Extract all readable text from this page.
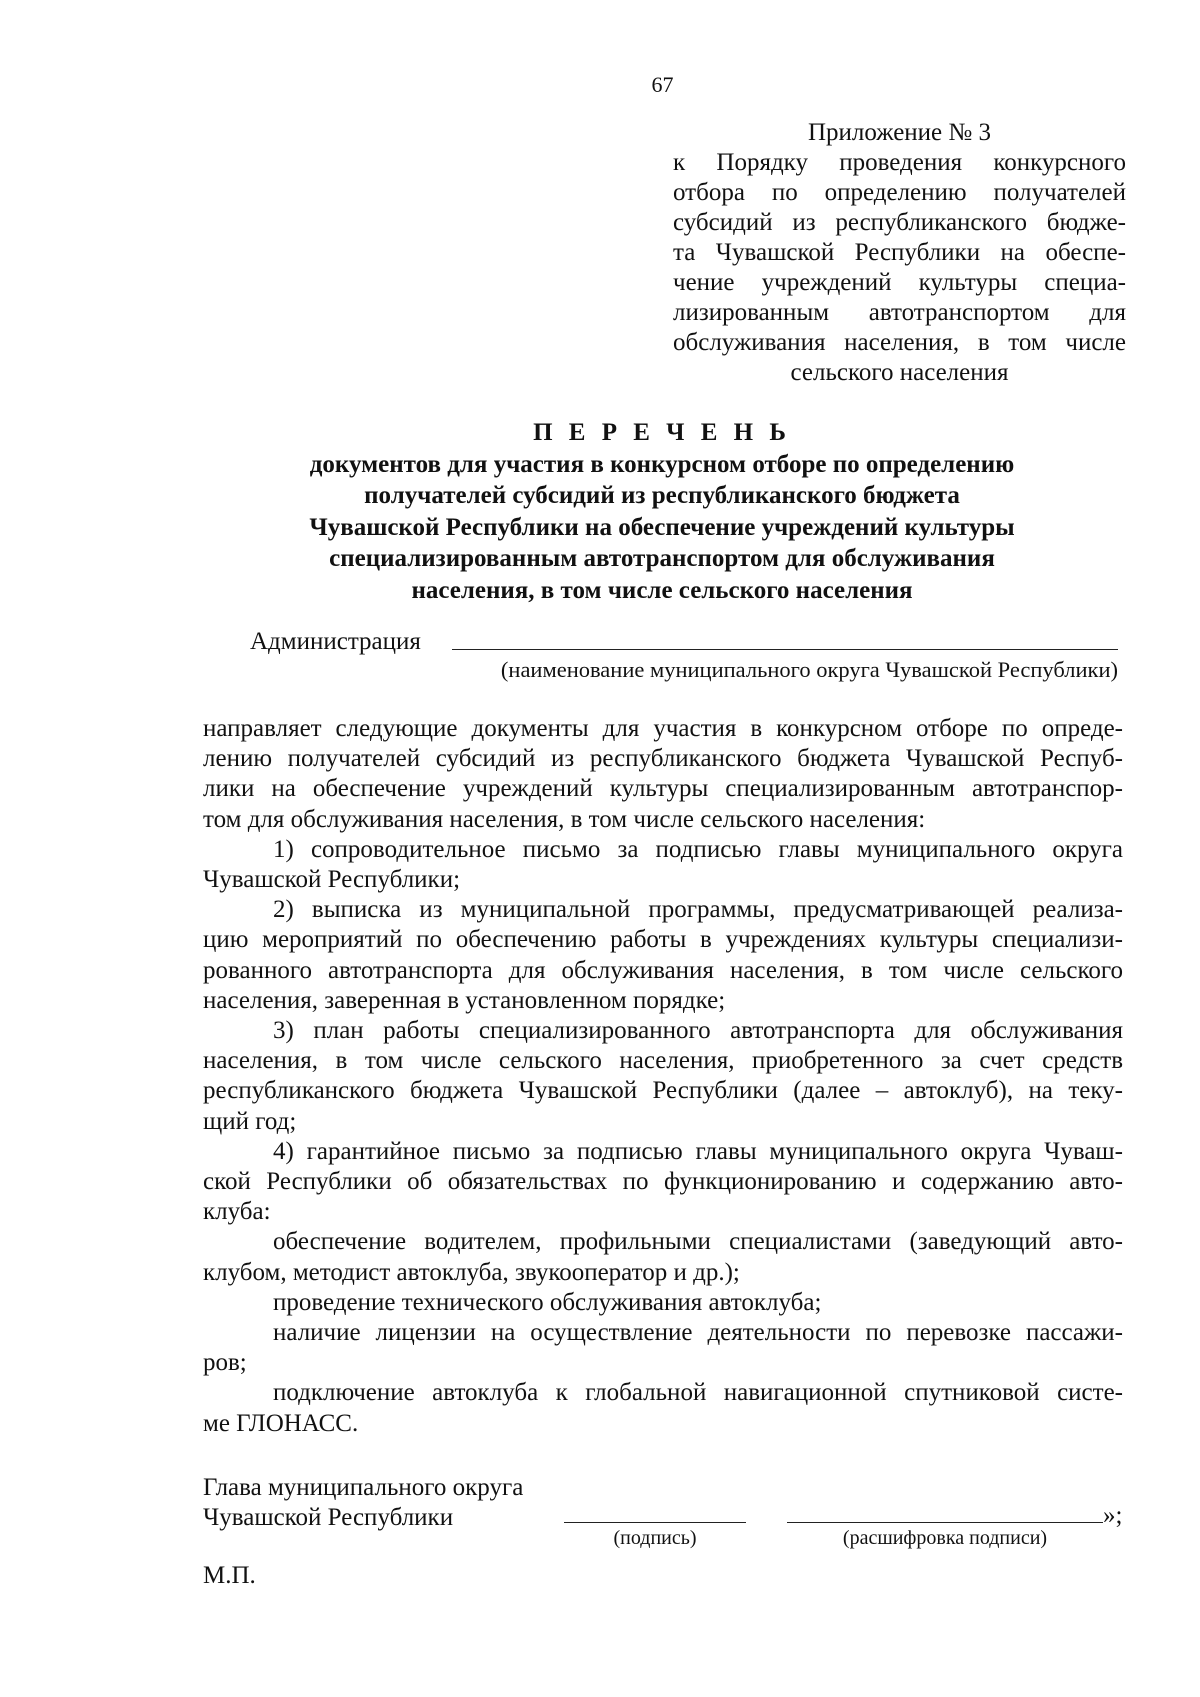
67
Приложение № 3
к Порядку проведения конкурсного
отбора по определению получателей
субсидий из республиканского бюдже-
та Чувашской Республики на обеспе-
чение учреждений культуры специа-
лизированным автотранспортом для
обслуживания населения, в том числе
сельского населения
П Е Р Е Ч Е Н Ь
документов для участия в конкурсном отборе по определению
получателей субсидий из республиканского бюджета
Чувашской Республики на обеспечение учреждений культуры
специализированным автотранспортом для обслуживания
населения, в том числе сельского населения
Администрация
(наименование муниципального округа Чувашской Республики)
направляет следующие документы для участия в конкурсном отборе по опреде-
лению получателей субсидий из республиканского бюджета Чувашской Респуб-
лики на обеспечение учреждений культуры специализированным автотранспор-
том для обслуживания населения, в том числе сельского населения:
1) сопроводительное письмо за подписью главы муниципального округа
Чувашской Республики;
2) выписка из муниципальной программы, предусматривающей реализа-
цию мероприятий по обеспечению работы в учреждениях культуры специализи-
рованного автотранспорта для обслуживания населения, в том числе сельского
населения, заверенная в установленном порядке;
3) план работы специализированного автотранспорта для обслуживания
населения, в том числе сельского населения, приобретенного за счет средств
республиканского бюджета Чувашской Республики (далее – автоклуб), на теку-
щий год;
4) гарантийное письмо за подписью главы муниципального округа Чуваш-
ской Республики об обязательствах по функционированию и содержанию авто-
клуба:
обеспечение водителем, профильными специалистами (заведующий авто-
клубом, методист автоклуба, звукооператор и др.);
проведение технического обслуживания автоклуба;
наличие лицензии на осуществление деятельности по перевозке пассажи-
ров;
подключение автоклуба к глобальной навигационной спутниковой систе-
ме ГЛОНАСС.
Глава муниципального округа
Чувашской Республики	»;
(подпись)	(расшифровка подписи)
М.П.
